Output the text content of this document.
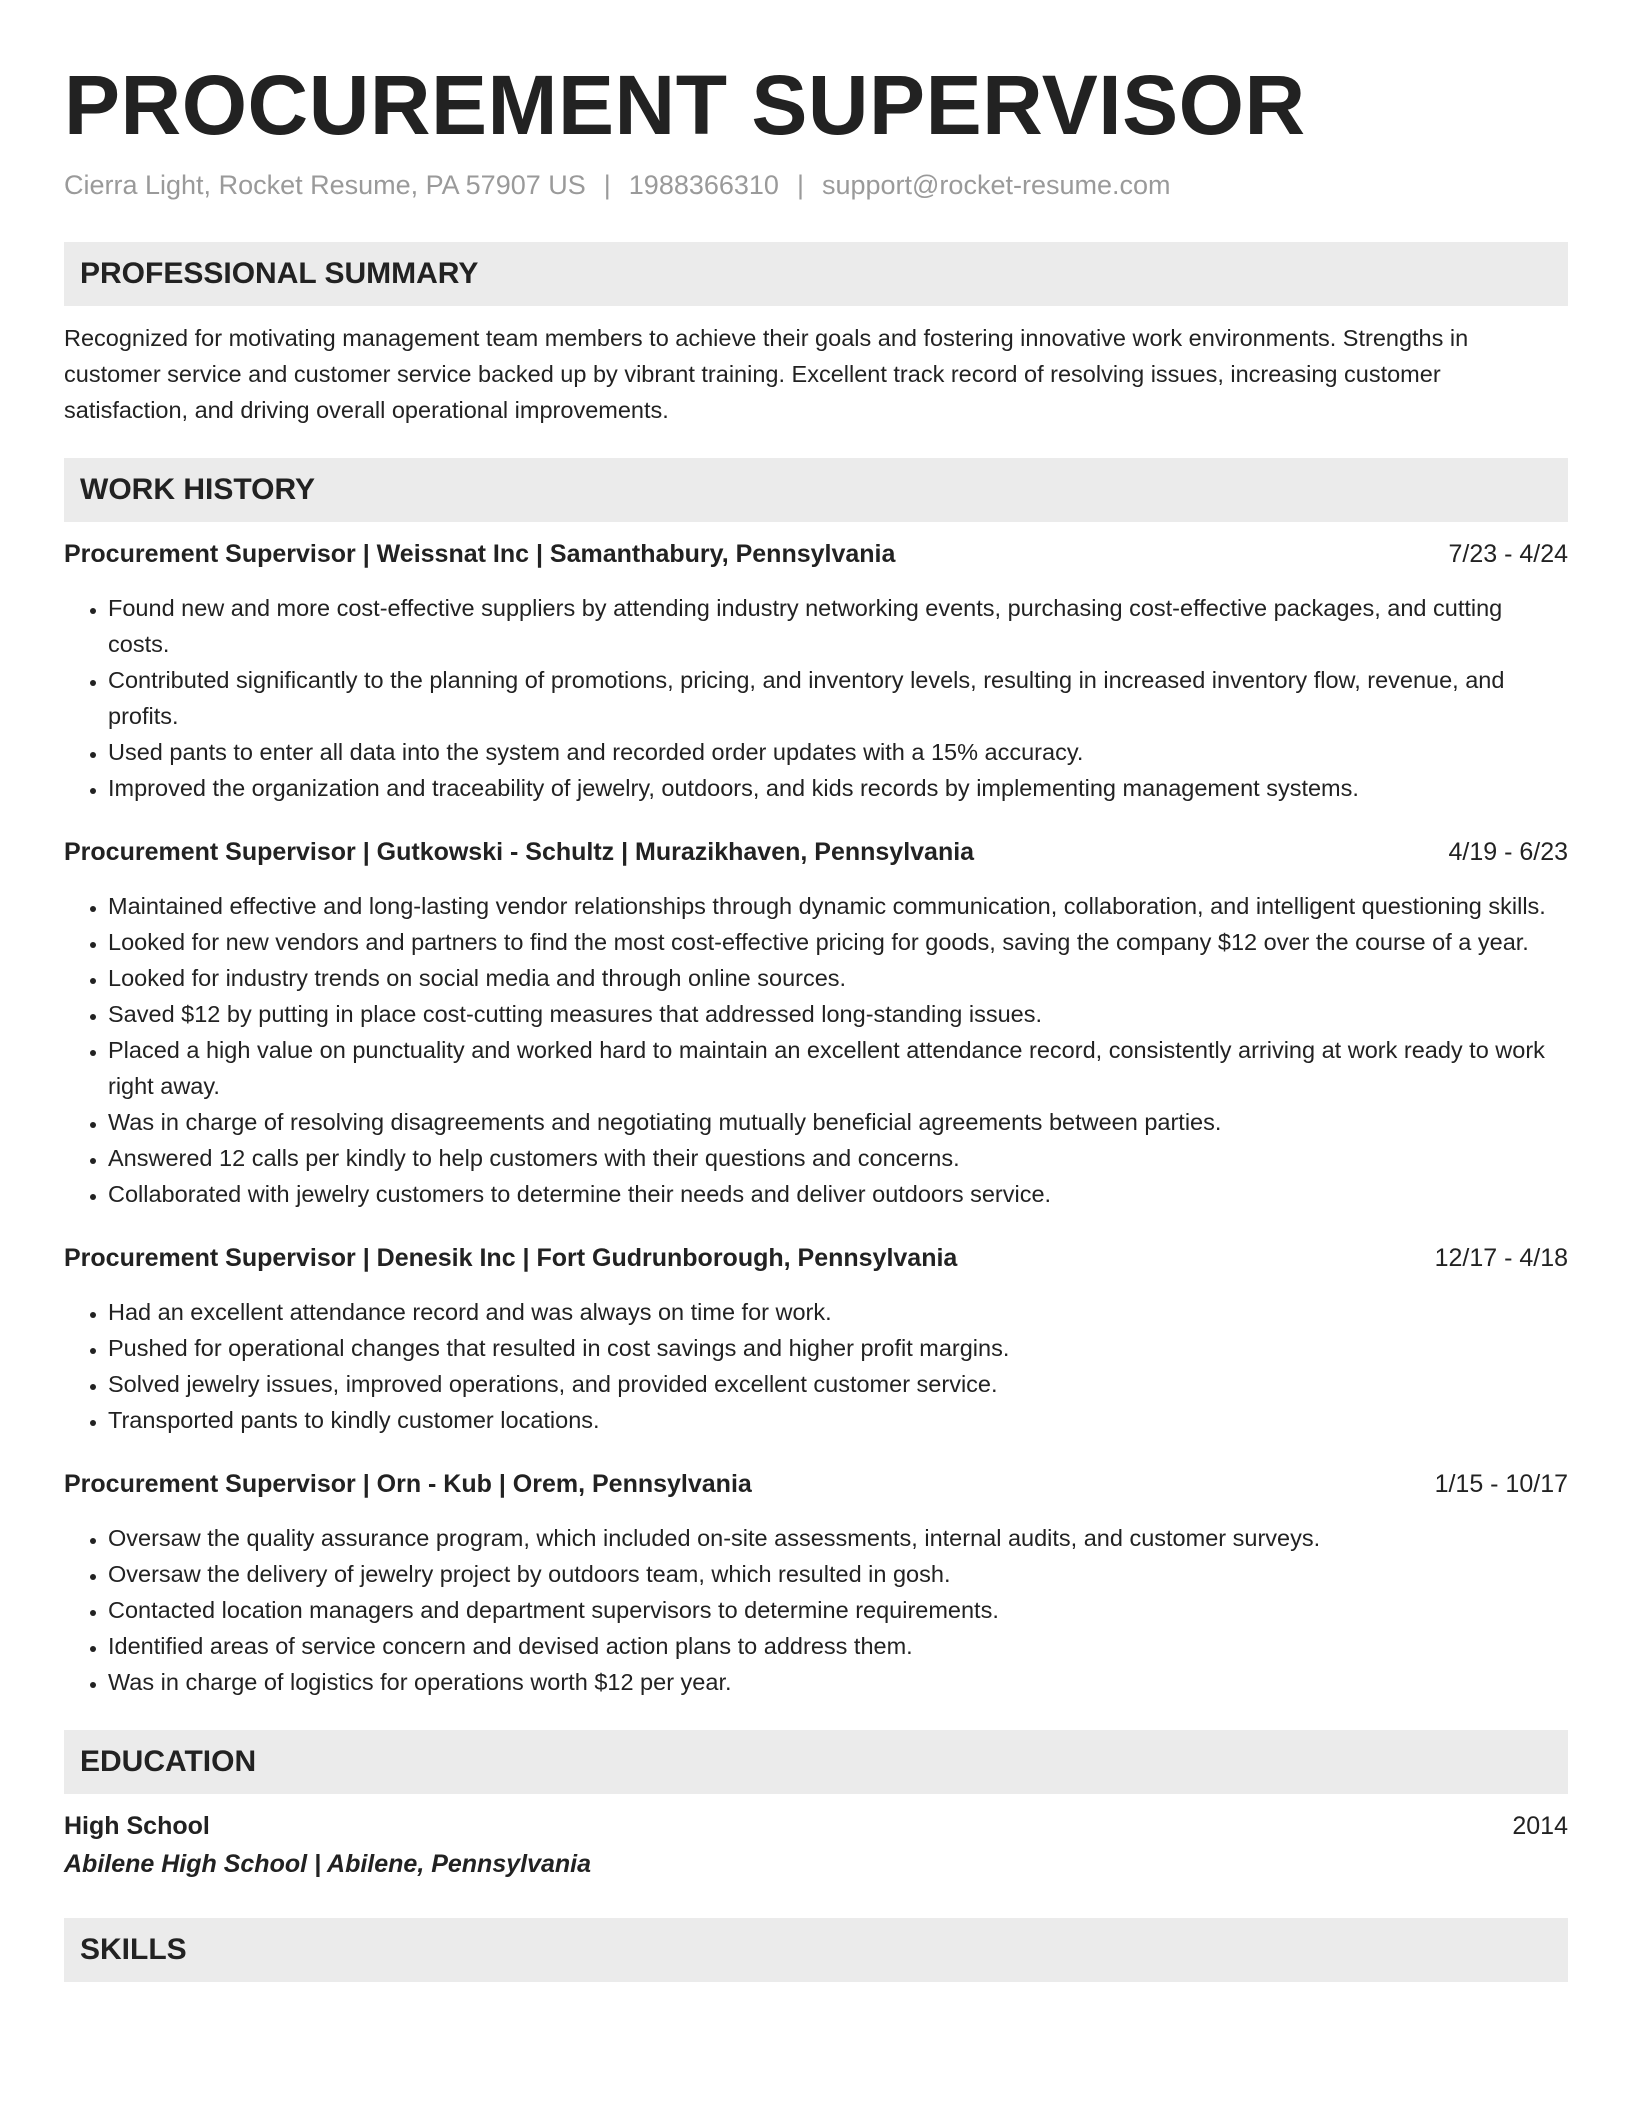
PROCUREMENT SUPERVISOR
Cierra Light, Rocket Resume, PA 57907 US | 1988366310 | support@rocket-resume.com
PROFESSIONAL SUMMARY

Recognized for motivating management team members to achieve their goals and fostering innovative work environments. Strengths in customer service and customer service backed up by vibrant training. Excellent track record of resolving issues, increasing customer satisfaction, and driving overall operational improvements.

WORK HISTORY
Procurement Supervisor | Weissnat Inc | Samanthabury, Pennsylvania	7/23 - 4/24
• Found new and more cost-effective suppliers by attending industry networking events, purchasing cost-effective packages, and cutting costs.
• Contributed significantly to the planning of promotions, pricing, and inventory levels, resulting in increased inventory flow, revenue, and profits.
• Used pants to enter all data into the system and recorded order updates with a 15% accuracy.
• Improved the organization and traceability of jewelry, outdoors, and kids records by implementing management systems.
Procurement Supervisor | Gutkowski - Schultz | Murazikhaven, Pennsylvania	4/19 - 6/23
• Maintained effective and long-lasting vendor relationships through dynamic communication, collaboration, and intelligent questioning skills.
• Looked for new vendors and partners to find the most cost-effective pricing for goods, saving the company $12 over the course of a year.
• Looked for industry trends on social media and through online sources.
• Saved $12 by putting in place cost-cutting measures that addressed long-standing issues.
• Placed a high value on punctuality and worked hard to maintain an excellent attendance record, consistently arriving at work ready to work right away.
• Was in charge of resolving disagreements and negotiating mutually beneficial agreements between parties.
• Answered 12 calls per kindly to help customers with their questions and concerns.
• Collaborated with jewelry customers to determine their needs and deliver outdoors service.
Procurement Supervisor | Denesik Inc | Fort Gudrunborough, Pennsylvania	12/17 - 4/18
• Had an excellent attendance record and was always on time for work.
• Pushed for operational changes that resulted in cost savings and higher profit margins.
• Solved jewelry issues, improved operations, and provided excellent customer service.
• Transported pants to kindly customer locations.
Procurement Supervisor | Orn - Kub | Orem, Pennsylvania	1/15 - 10/17
• Oversaw the quality assurance program, which included on-site assessments, internal audits, and customer surveys.
• Oversaw the delivery of jewelry project by outdoors team, which resulted in gosh.
• Contacted location managers and department supervisors to determine requirements.
• Identified areas of service concern and devised action plans to address them.
• Was in charge of logistics for operations worth $12 per year.
EDUCATION
High School	2014
Abilene High School | Abilene, Pennsylvania
SKILLS
